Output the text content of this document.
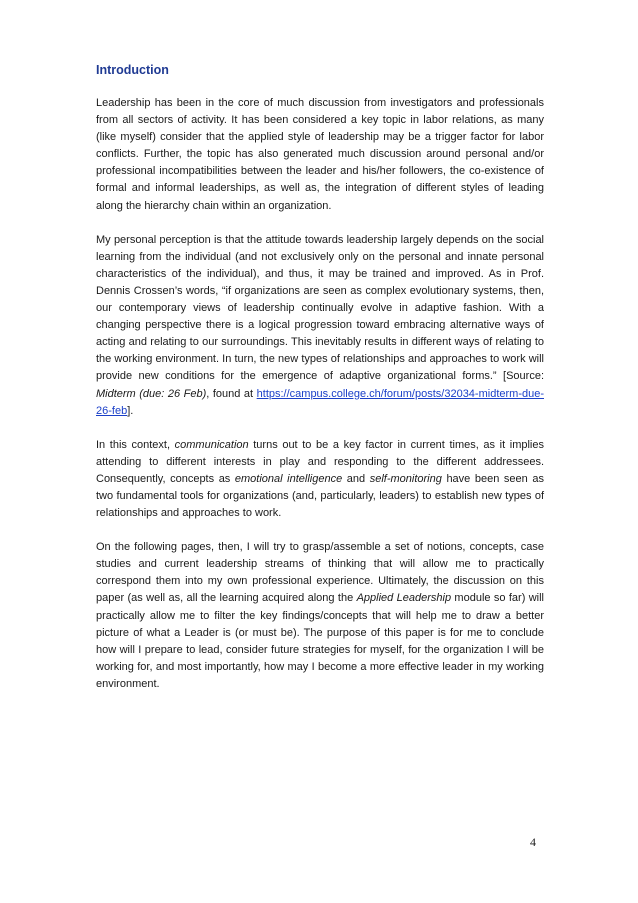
Introduction

Leadership has been in the core of much discussion from investigators and professionals from all sectors of activity. It has been considered a key topic in labor relations, as many (like myself) consider that the applied style of leadership may be a trigger factor for labor conflicts. Further, the topic has also generated much discussion around personal and/or professional incompatibilities between the leader and his/her followers, the co-existence of formal and informal leaderships, as well as, the integration of different styles of leading along the hierarchy chain within an organization.

My personal perception is that the attitude towards leadership largely depends on the social learning from the individual (and not exclusively only on the personal and innate personal characteristics of the individual), and thus, it may be trained and improved. As in Prof. Dennis Crossen’s words, “if organizations are seen as complex evolutionary systems, then, our contemporary views of leadership continually evolve in adaptive fashion. With a changing perspective there is a logical progression toward embracing alternative ways of acting and relating to our surroundings. This inevitably results in different ways of relating to the working environment. In turn, the new types of relationships and approaches to work will provide new conditions for the emergence of adaptive organizational forms.” [Source: Midterm (due: 26 Feb), found at https://campus.college.ch/forum/posts/32034-midterm-due-26-feb].

In this context, communication turns out to be a key factor in current times, as it implies attending to different interests in play and responding to the different addressees. Consequently, concepts as emotional intelligence and self-monitoring have been seen as two fundamental tools for organizations (and, particularly, leaders) to establish new types of relationships and approaches to work.

On the following pages, then, I will try to grasp/assemble a set of notions, concepts, case studies and current leadership streams of thinking that will allow me to practically correspond them into my own professional experience. Ultimately, the discussion on this paper (as well as, all the learning acquired along the Applied Leadership module so far) will practically allow me to filter the key findings/concepts that will help me to draw a better picture of what a Leader is (or must be). The purpose of this paper is for me to conclude how will I prepare to lead, consider future strategies for myself, for the organization I will be working for, and most importantly, how may I become a more effective leader in my working environment.

4
